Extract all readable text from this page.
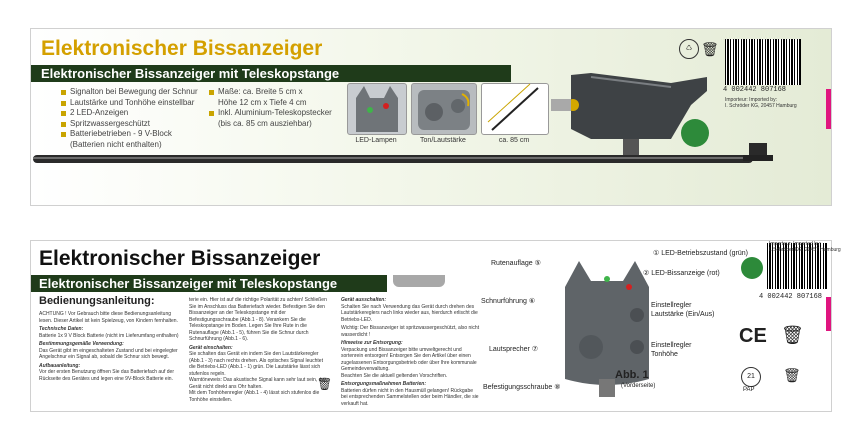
Elektronischer Bissanzeiger
Elektronischer Bissanzeiger mit Teleskopstange
Signalton bei Bewegung der Schnur
Lautstärke und Tonhöhe einstellbar
2 LED-Anzeigen
Spritzwassergeschützt
Batteriebetrieben - 9 V-Block
(Batterien nicht enthalten)
Maße: ca. Breite 5 cm x
Höhe 12 cm x Tiefe 4 cm
Inkl. Aluminium-Teleskopstecker
(bis ca. 85 cm ausziehbar)
LED-Lampen	Ton/Lautstärke	ca. 85 cm
♺ 🗑
4 002442 807168
Importeur: Imported by:
I. Schröder KG, 20457 Hamburg
Elektronischer Bissanzeiger
Elektronischer Bissanzeiger mit Teleskopstange
Bedienungsanleitung:
ACHTUNG ! Vor Gebrauch bitte diese Bedienungsanleitung lesen. Dieser Artikel ist kein Spielzeug, von Kindern fernhalten.
Technische Daten:
Batterie 1x 9 V Block Batterie (nicht im Lieferumfang enthalten)
Bestimmungsgemäße Verwendung:
Das Gerät gibt im eingeschalteten Zustand und bei eingelegter Angelschnur ein Signal ab, sobald die Schnur sich bewegt.
Aufbauanleitung:
Vor der ersten Benutzung öffnen Sie das Batteriefach auf der Rückseite des Gerätes und legen eine 9V-Block Batterie ein.
terie ein. Hier ist auf die richtige Polarität zu achten! Schließen Sie im Anschluss das Batteriefach wieder. Befestigen Sie den Bissanzeiger an der Teleskopstange mit der Befestigungsschraube (Abb.1 - 8). Verankern Sie die Teleskopstange im Boden. Legen Sie Ihre Rute in die Rutenauflage (Abb.1 - 5), führen Sie die Schnur durch Schnurführung (Abb.1 - 6).
Gerät einschalten:
Sie schalten das Gerät ein indem Sie den Lautstärkeregler (Abb.1 - 3) nach rechts drehen. Als optisches Signal leuchtet die Betriebs-LED (Abb.1 - 1) grün. Die Lautstärke lässt sich stufenlos regeln.
Warntöneweis: Das akustische Signal kann sehr laut sein, das Gerät nicht direkt ans Ohr halten.
Mit dem Tonhöhenregler (Abb.1 - 4) lässt sich stufenlos die Tonhöhe einstellen.
Gerät ausschalten:
Schalten Sie nach Verwendung das Gerät durch drehen des Lautstärkereglers nach links wieder aus, hierdurch erlischt die Betriebs-LED.
Wichtig: Der Bissanzeiger ist spritzwassergeschützt, also nicht wasserdicht !
Hinweise zur Entsorgung:
Verpackung und Bissanzeiger bitte umweltgerecht und sortenrein entsorgen! Entsorgen Sie den Artikel über einen zugelassenen Entsorgungsbetrieb oder über Ihre kommunale Gemeindeverwaltung.
Beachten Sie die aktuell geltenden Vorschriften.
Entsorgungsmaßnahmen Batterien:
Batterien dürfen nicht in den Hausmüll gelangen! Rückgabe bei entsprechenden Sammelstellen oder beim Händler, die sie verkauft hat.
🗑
Rutenauflage ⑤
Schnurführung ⑥
Lautsprecher ⑦
Befestigungsschraube ⑧
① LED-Betriebszustand (grün)
② LED-Bissanzeige (rot)
Einstellregler Lautstärke (Ein/Aus)
Einstellregler Tonhöhe
Abb. 1
(Vorderseite)
4 002442 807168
Importeur: Imported by:
I. Schröder KG, 20457 Hamburg
CE 🗑
21
PAP
🗑
